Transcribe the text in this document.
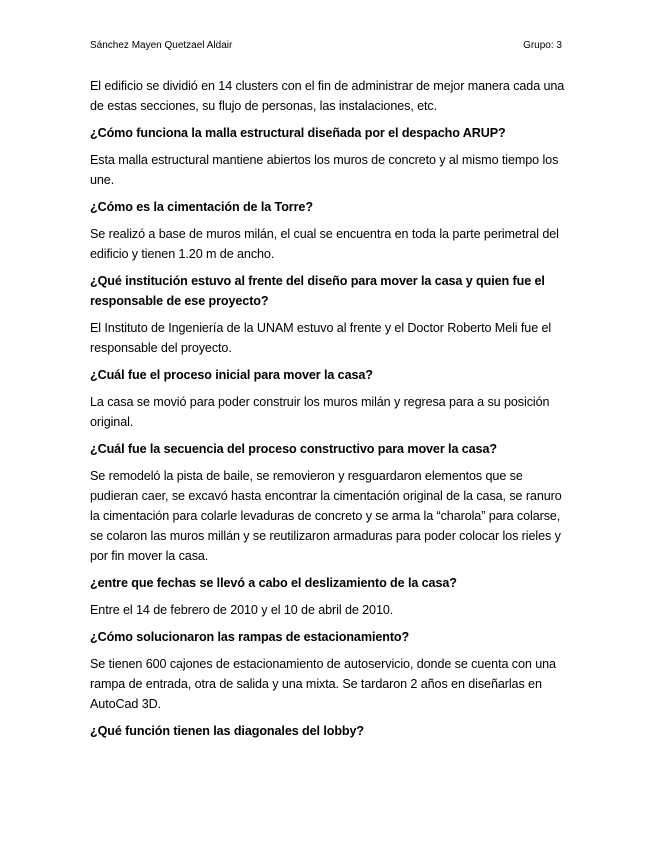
Sánchez Mayen Quetzael Aldair	Grupo: 3

El edificio se dividió en 14 clusters con el fin de administrar de mejor manera cada una de estas secciones, su flujo de personas, las instalaciones, etc.

¿Cómo funciona la malla estructural diseñada por el despacho ARUP?

Esta malla estructural mantiene abiertos los muros de concreto y al mismo tiempo los une.

¿Cómo es la cimentación de la Torre?

Se realizó a base de muros milán, el cual se encuentra en toda la parte perimetral del edificio y tienen 1.20 m de ancho.

¿Qué institución estuvo al frente del diseño para mover la casa y quien fue el responsable de ese proyecto?

El Instituto de Ingeniería de la UNAM estuvo al frente y el Doctor Roberto Meli fue el responsable del proyecto.

¿Cuál fue el proceso inicial para mover la casa?

La casa se movió para poder construir los muros milán y regresa para a su posición original.

¿Cuál fue la secuencia del proceso constructivo para mover la casa?

Se remodeló la pista de baile, se removieron y resguardaron elementos que se pudieran caer, se excavó hasta encontrar la cimentación original de la casa, se ranuro la cimentación para colarle levaduras de concreto y se arma la “charola” para colarse, se colaron las muros millán y se reutilizaron armaduras para poder colocar los rieles y por fin mover la casa.

¿entre que fechas se llevó a cabo el deslizamiento de la casa?

Entre el 14 de febrero de 2010 y el 10 de abril de 2010.

¿Cómo solucionaron las rampas de estacionamiento?

Se tienen 600 cajones de estacionamiento de autoservicio, donde se cuenta con una rampa de entrada, otra de salida y una mixta. Se tardaron 2 años en diseñarlas en AutoCad 3D.

¿Qué función tienen las diagonales del lobby?
